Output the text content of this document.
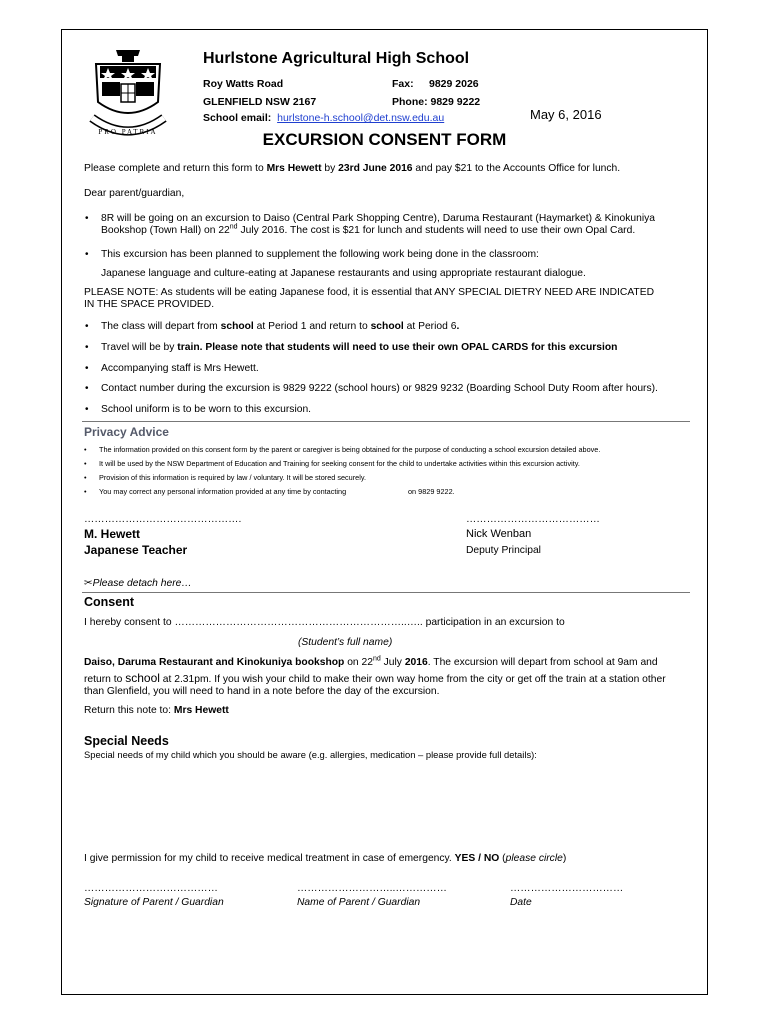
PRO PATRIA
Hurlstone Agricultural High School
Roy Watts Road	Fax: 9829 2026
GLENFIELD NSW 2167	Phone: 9829 9222
School email: hurlstone-h.school@det.nsw.edu.au	May 6, 2016
EXCURSION CONSENT FORM
Please complete and return this form to Mrs Hewett by 23rd June 2016 and pay $21 to the Accounts Office for lunch.
Dear parent/guardian,
• 8R will be going on an excursion to Daiso (Central Park Shopping Centre), Daruma Restaurant (Haymarket) & Kinokuniya
Bookshop (Town Hall) on 22nd July 2016. The cost is $21 for lunch and students will need to use their own Opal Card.
• This excursion has been planned to supplement the following work being done in the classroom:
Japanese language and culture-eating at Japanese restaurants and using appropriate restaurant dialogue.
PLEASE NOTE: As students will be eating Japanese food, it is essential that ANY SPECIAL DIETRY NEED ARE INDICATED
IN THE SPACE PROVIDED.
• The class will depart from school at Period 1 and return to school at Period 6.
• Travel will be by train. Please note that students will need to use their own OPAL CARDS for this excursion
• Accompanying staff is Mrs Hewett.
• Contact number during the excursion is 9829 9222 (school hours) or 9829 9232 (Boarding School Duty Room after hours).
• School uniform is to be worn to this excursion.
Privacy Advice
• The information provided on this consent form by the parent or caregiver is being obtained for the purpose of conducting a school excursion detailed above.
• It will be used by the NSW Department of Education and Training for seeking consent for the child to undertake activities within this excursion activity.
• Provision of this information is required by law / voluntary. It will be stored securely.
• You may correct any personal information provided at any time by contacting	on 9829 9222.
……………………………………….
M. Hewett
Japanese Teacher
…………………………………
Nick Wenban
Deputy Principal
✂Please detach here…
Consent
I hereby consent to …………………………………………………………..….. participation in an excursion to
(Student’s full name)
Daiso, Daruma Restaurant and Kinokuniya bookshop on 22nd July 2016. The excursion will depart from school at 9am and
return to school at 2.31pm. If you wish your child to make their own way home from the city or get off the train at a station other
than Glenfield, you will need to hand in a note before the day of the excursion.
Return this note to: Mrs Hewett
Special Needs
Special needs of my child which you should be aware (e.g. allergies, medication – please provide full details):
I give permission for my child to receive medical treatment in case of emergency. YES / NO (please circle)
…………………………………
Signature of Parent / Guardian
………………………..……………
Name of Parent / Guardian
……………………………
Date
